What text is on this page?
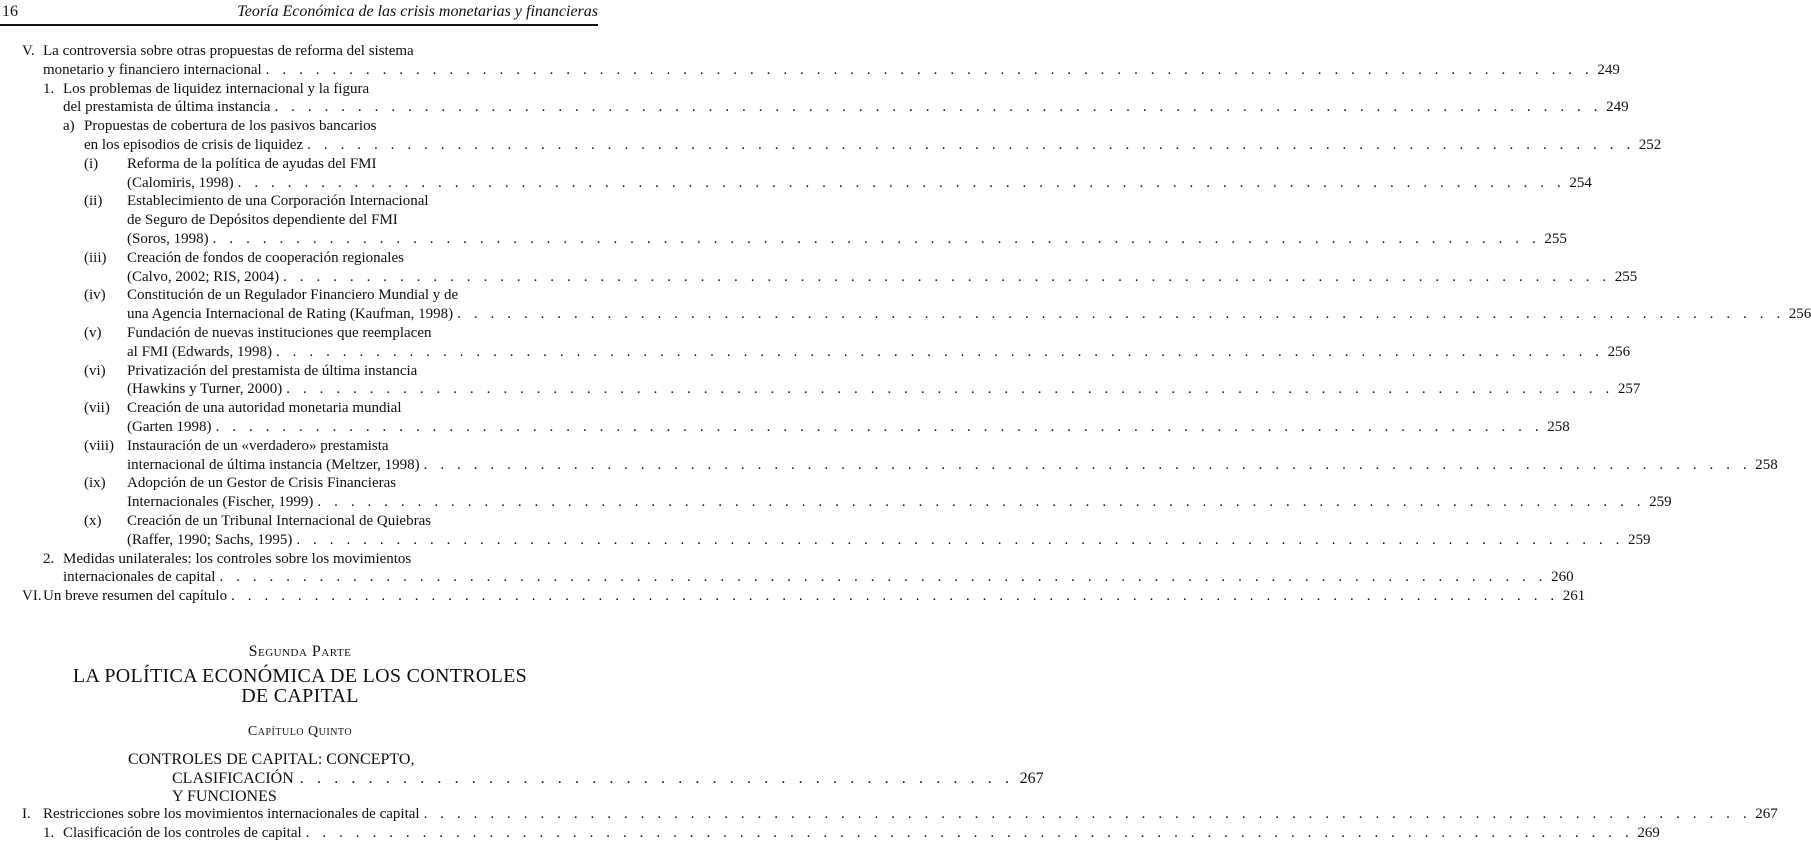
16	Teoría Económica de las crisis monetarias y financieras
V. La controversia sobre otras propuestas de reforma del sistema
monetario y financiero internacional . . . . . . . . . . . . . . . . . . . . . . . . . . . . . . . . . . . . . . . . . . . . . . . . . . . . . . . . . . . . . . . . . . . . . . . . . . . . . . . . 249
1. Los problemas de liquidez internacional y la figura
del prestamista de última instancia . . . . . . . . . . . . . . . . . . . . . . . . . . . . . . . . . . . . . . . . . . . . . . . . . . . . . . . . . . . . . . . . . . . . . . . . . . . . . . . . 249
a) Propuestas de cobertura de los pasivos bancarios
en los episodios de crisis de liquidez . . . . . . . . . . . . . . . . . . . . . . . . . . . . . . . . . . . . . . . . . . . . . . . . . . . . . . . . . . . . . . . . . . . . . . . . . . . . . . . . 252
(i) Reforma de la política de ayudas del FMI
(Calomiris, 1998) . . . . . . . . . . . . . . . . . . . . . . . . . . . . . . . . . . . . . . . . . . . . . . . . . . . . . . . . . . . . . . . . . . . . . . . . . . . . . . . . 254
(ii) Establecimiento de una Corporación Internacional
de Seguro de Depósitos dependiente del FMI
(Soros, 1998) . . . . . . . . . . . . . . . . . . . . . . . . . . . . . . . . . . . . . . . . . . . . . . . . . . . . . . . . . . . . . . . . . . . . . . . . . . . . . . . . 255
(iii) Creación de fondos de cooperación regionales
(Calvo, 2002; RIS, 2004) . . . . . . . . . . . . . . . . . . . . . . . . . . . . . . . . . . . . . . . . . . . . . . . . . . . . . . . . . . . . . . . . . . . . . . . . . . . . . . . . 255
(iv) Constitución de un Regulador Financiero Mundial y de
una Agencia Internacional de Rating (Kaufman, 1998) . . . . . . . . . . . . . . . . . . . . . . . . . . . . . . . . . . . . . . . . . . . . . . . . . . . . . . . . . . . . . . . . . . . . . . . . . . . . . . . . 256
(v) Fundación de nuevas instituciones que reemplacen
al FMI (Edwards, 1998) . . . . . . . . . . . . . . . . . . . . . . . . . . . . . . . . . . . . . . . . . . . . . . . . . . . . . . . . . . . . . . . . . . . . . . . . . . . . . . . . 256
(vi) Privatización del prestamista de última instancia
(Hawkins y Turner, 2000) . . . . . . . . . . . . . . . . . . . . . . . . . . . . . . . . . . . . . . . . . . . . . . . . . . . . . . . . . . . . . . . . . . . . . . . . . . . . . . . . 257
(vii) Creación de una autoridad monetaria mundial
(Garten 1998) . . . . . . . . . . . . . . . . . . . . . . . . . . . . . . . . . . . . . . . . . . . . . . . . . . . . . . . . . . . . . . . . . . . . . . . . . . . . . . . . 258
(viii) Instauración de un «verdadero» prestamista
internacional de última instancia (Meltzer, 1998) . . . . . . . . . . . . . . . . . . . . . . . . . . . . . . . . . . . . . . . . . . . . . . . . . . . . . . . . . . . . . . . . . . . . . . . . . . . . . . . . 258
(ix) Adopción de un Gestor de Crisis Financieras
Internacionales (Fischer, 1999) . . . . . . . . . . . . . . . . . . . . . . . . . . . . . . . . . . . . . . . . . . . . . . . . . . . . . . . . . . . . . . . . . . . . . . . . . . . . . . . . 259
(x) Creación de un Tribunal Internacional de Quiebras
(Raffer, 1990; Sachs, 1995) . . . . . . . . . . . . . . . . . . . . . . . . . . . . . . . . . . . . . . . . . . . . . . . . . . . . . . . . . . . . . . . . . . . . . . . . . . . . . . . . 259
2. Medidas unilaterales: los controles sobre los movimientos
internacionales de capital . . . . . . . . . . . . . . . . . . . . . . . . . . . . . . . . . . . . . . . . . . . . . . . . . . . . . . . . . . . . . . . . . . . . . . . . . . . . . . . . 260
VI. Un breve resumen del capítulo . . . . . . . . . . . . . . . . . . . . . . . . . . . . . . . . . . . . . . . . . . . . . . . . . . . . . . . . . . . . . . . . . . . . . . . . . . . . . . . . 261
Segunda Parte
LA POLÍTICA ECONÓMICA DE LOS CONTROLES
DE CAPITAL
Capítulo Quinto
CONTROLES DE CAPITAL: CONCEPTO,
CLASIFICACIÓN Y FUNCIONES
. . . . . . . . . . . . . . . . . . . . . . . . . . . . . . . . . . . . . . . . . . 267
I. Restricciones sobre los movimientos internacionales de capital . . . . . . . . . . . . . . . . . . . . . . . . . . . . . . . . . . . . . . . . . . . . . . . . . . . . . . . . . . . . . . . . . . . . . . . . . . . . . . . . 267
1. Clasificación de los controles de capital . . . . . . . . . . . . . . . . . . . . . . . . . . . . . . . . . . . . . . . . . . . . . . . . . . . . . . . . . . . . . . . . . . . . . . . . . . . . . . . . 269
